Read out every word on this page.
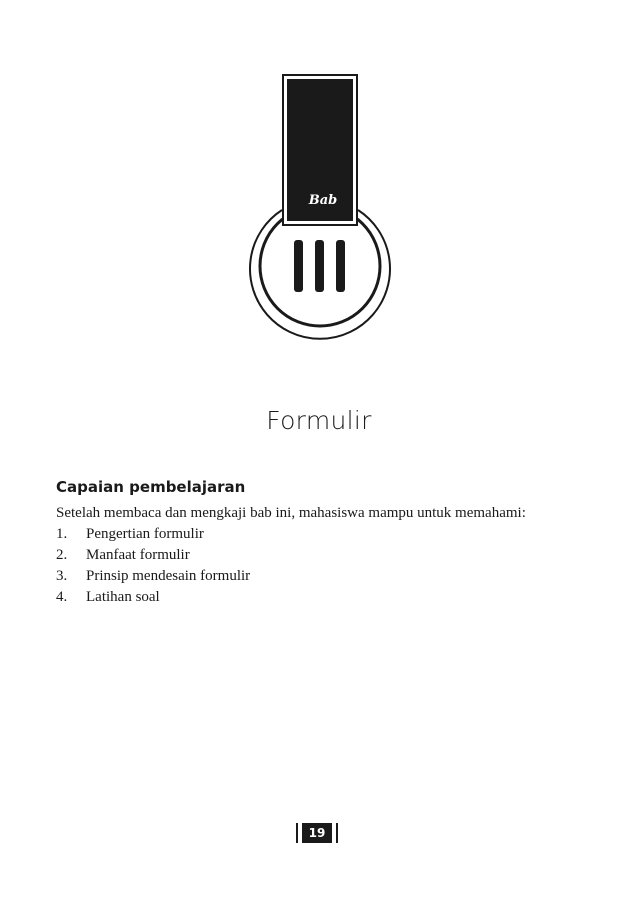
Bab
Formulir
Capaian pembelajaran
Setelah membaca dan mengkaji bab ini, mahasiswa mampu untuk memahami:
1. Pengertian formulir
2. Manfaat formulir
3. Prinsip mendesain formulir
4. Latihan soal
19
